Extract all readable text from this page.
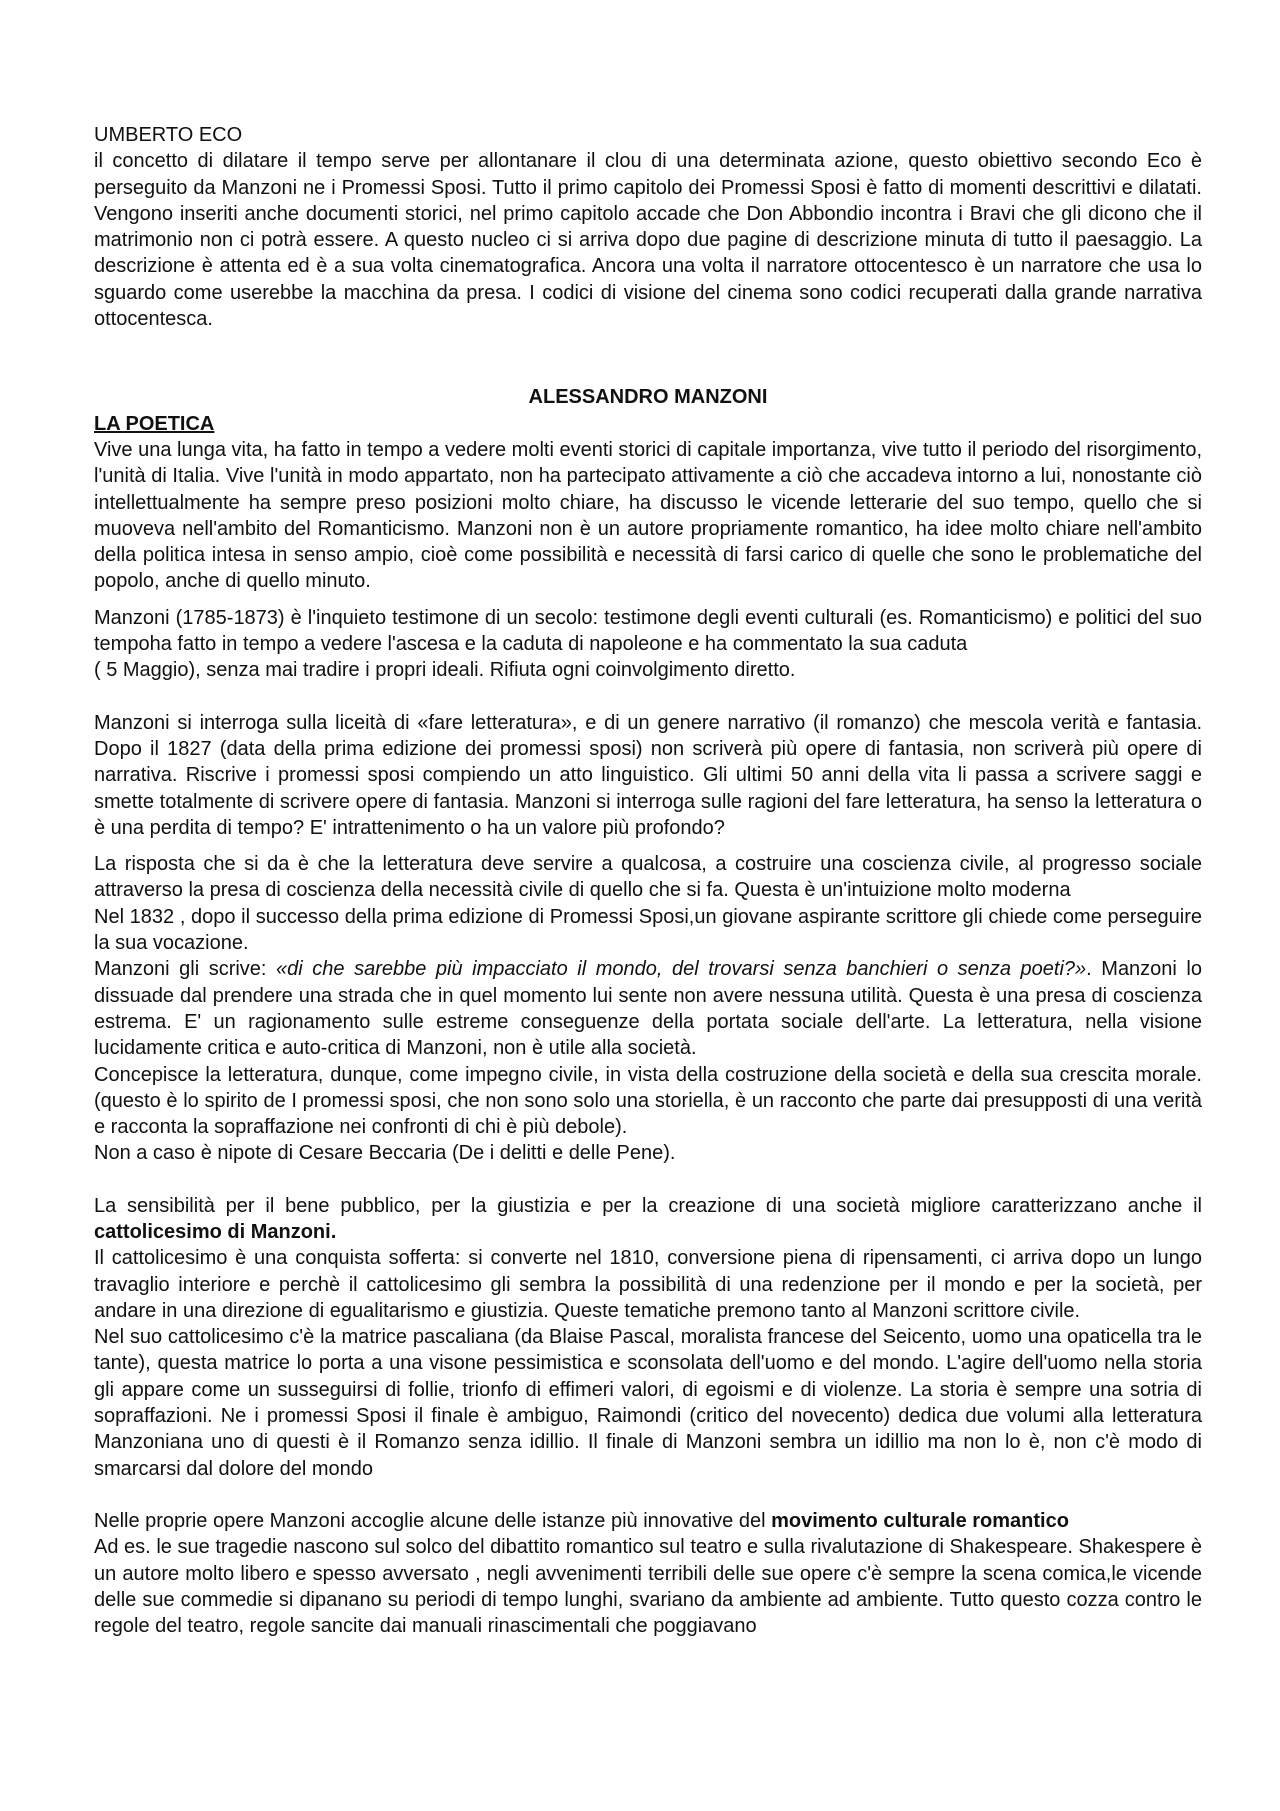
UMBERTO ECO

il concetto di dilatare il tempo serve per allontanare il clou di una determinata azione, questo obiettivo secondo Eco è perseguito da Manzoni ne i Promessi Sposi. Tutto il primo capitolo dei Promessi Sposi è fatto di momenti descrittivi e dilatati. Vengono inseriti anche documenti storici, nel primo capitolo accade che Don Abbondio incontra i Bravi che gli dicono che il matrimonio non ci potrà essere. A questo nucleo ci si arriva dopo due pagine di descrizione minuta di tutto il paesaggio. La descrizione è attenta ed è a sua volta cinematografica. Ancora una volta il narratore ottocentesco è un narratore che usa lo sguardo come userebbe la macchina da presa. I codici di visione del cinema sono codici recuperati dalla grande narrativa ottocentesca.

ALESSANDRO MANZONI

LA POETICA

Vive una lunga vita, ha fatto in tempo a vedere molti eventi storici di capitale importanza, vive tutto il periodo del risorgimento, l'unità di Italia. Vive l'unità in modo appartato, non ha partecipato attivamente a ciò che accadeva intorno a lui, nonostante ciò intellettualmente ha sempre preso posizioni molto chiare, ha discusso le vicende letterarie del suo tempo, quello che si muoveva nell'ambito del Romanticismo. Manzoni non è un autore propriamente romantico, ha idee molto chiare nell'ambito della politica intesa in senso ampio, cioè come possibilità e necessità di farsi carico di quelle che sono le problematiche del popolo, anche di quello minuto.

Manzoni (1785-1873) è l'inquieto testimone di un secolo: testimone degli eventi culturali (es. Romanticismo) e politici del suo tempoha fatto in tempo a vedere l'ascesa e la caduta di napoleone e ha commentato la sua caduta

( 5 Maggio), senza mai tradire i propri ideali. Rifiuta ogni coinvolgimento diretto.

Manzoni si interroga sulla liceità di «fare letteratura», e di un genere narrativo (il romanzo) che mescola verità e fantasia. Dopo il 1827 (data della prima edizione dei promessi sposi) non scriverà più opere di fantasia, non scriverà più opere di narrativa. Riscrive i promessi sposi compiendo un atto linguistico. Gli ultimi 50 anni della vita li passa a scrivere saggi e smette totalmente di scrivere opere di fantasia. Manzoni si interroga sulle ragioni del fare letteratura, ha senso la letteratura o è una perdita di tempo? E' intrattenimento o ha un valore più profondo?

La risposta che si da è che la letteratura deve servire a qualcosa, a costruire una coscienza civile, al progresso sociale attraverso la presa di coscienza della necessità civile di quello che si fa. Questa è un'intuizione molto moderna

Nel 1832 , dopo il successo della prima edizione di Promessi Sposi,un giovane aspirante scrittore gli chiede come perseguire la sua vocazione.

Manzoni gli scrive: «di che sarebbe più impacciato il mondo, del trovarsi senza banchieri o senza poeti?». Manzoni lo dissuade dal prendere una strada che in quel momento lui sente non avere nessuna utilità. Questa è una presa di coscienza estrema. E' un ragionamento sulle estreme conseguenze della portata sociale dell'arte. La letteratura, nella visione lucidamente critica e auto-critica di Manzoni, non è utile alla società.

Concepisce la letteratura, dunque, come impegno civile, in vista della costruzione della società e della sua crescita morale. (questo è lo spirito de I promessi sposi, che non sono solo una storiella, è un racconto che parte dai presupposti di una verità e racconta la sopraffazione nei confronti di chi è più debole).

Non a caso è nipote di Cesare Beccaria (De i delitti e delle Pene).

La sensibilità per il bene pubblico, per la giustizia e per la creazione di una società migliore caratterizzano anche il cattolicesimo di Manzoni.

Il cattolicesimo è una conquista sofferta: si converte nel 1810, conversione piena di ripensamenti, ci arriva dopo un lungo travaglio interiore e perchè il cattolicesimo gli sembra la possibilità di una redenzione per il mondo e per la società, per andare in una direzione di egualitarismo e giustizia. Queste tematiche premono tanto al Manzoni scrittore civile.

Nel suo cattolicesimo c'è la matrice pascaliana (da Blaise Pascal, moralista francese del Seicento, uomo una opaticella tra le tante), questa matrice lo porta a una visone pessimistica e sconsolata dell'uomo e del mondo. L'agire dell'uomo nella storia gli appare come un susseguirsi di follie, trionfo di effimeri valori, di egoismi e di violenze. La storia è sempre una sotria di sopraffazioni. Ne i promessi Sposi il finale è ambiguo, Raimondi (critico del novecento) dedica due volumi alla letteratura Manzoniana uno di questi è il Romanzo senza idillio. Il finale di Manzoni sembra un idillio ma non lo è, non c'è modo di smarcarsi dal dolore del mondo

Nelle proprie opere Manzoni accoglie alcune delle istanze più innovative del movimento culturale romantico

Ad es. le sue tragedie nascono sul solco del dibattito romantico sul teatro e sulla rivalutazione di Shakespeare. Shakespere è un autore molto libero e spesso avversato , negli avvenimenti terribili delle sue opere c'è sempre la scena comica,le vicende delle sue commedie si dipanano su periodi di tempo lunghi, svariano da ambiente ad ambiente. Tutto questo cozza contro le regole del teatro, regole sancite dai manuali rinascimentali che poggiavano
